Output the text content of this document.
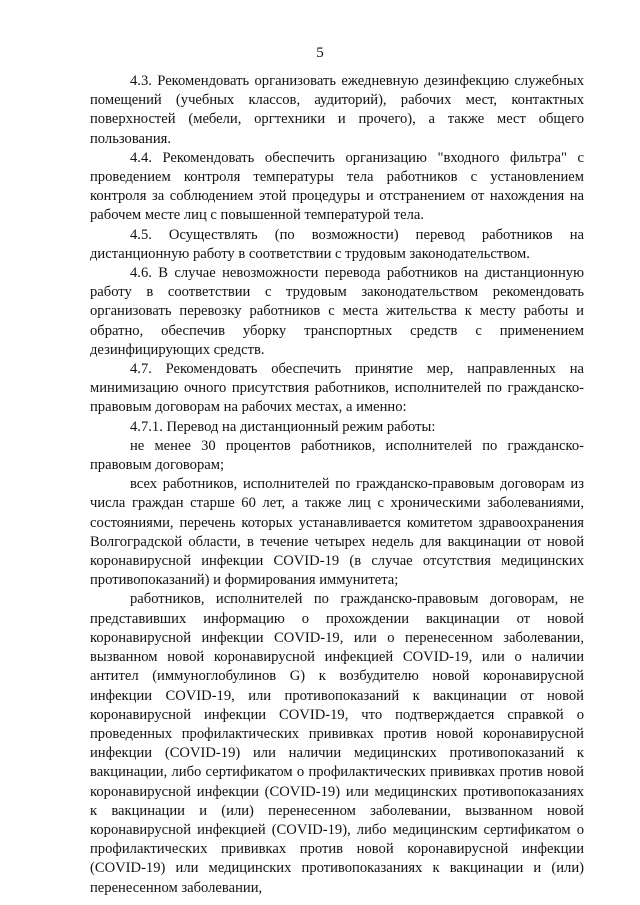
5

4.3. Рекомендовать организовать ежедневную дезинфекцию служебных помещений (учебных классов, аудиторий), рабочих мест, контактных поверхностей (мебели, оргтехники и прочего), а также мест общего пользования.

4.4. Рекомендовать обеспечить организацию "входного фильтра" с проведением контроля температуры тела работников с установлением контроля за соблюдением этой процедуры и отстранением от нахождения на рабочем месте лиц с повышенной температурой тела.

4.5. Осуществлять (по возможности) перевод работников на дистанционную работу в соответствии с трудовым законодательством.

4.6. В случае невозможности перевода работников на дистанционную работу в соответствии с трудовым законодательством рекомендовать организовать перевозку работников с места жительства к месту работы и обратно, обеспечив уборку транспортных средств с применением дезинфицирующих средств.

4.7. Рекомендовать обеспечить принятие мер, направленных на минимизацию очного присутствия работников, исполнителей по гражданско-правовым договорам на рабочих местах, а именно:

4.7.1. Перевод на дистанционный режим работы:

не менее 30 процентов работников, исполнителей по гражданско-правовым договорам;

всех работников, исполнителей по гражданско-правовым договорам из числа граждан старше 60 лет, а также лиц с хроническими заболеваниями, состояниями, перечень которых устанавливается комитетом здравоохранения Волгоградской области, в течение четырех недель для вакцинации от новой коронавирусной инфекции COVID-19 (в случае отсутствия медицинских противопоказаний) и формирования иммунитета;

работников, исполнителей по гражданско-правовым договорам, не представивших информацию о прохождении вакцинации от новой коронавирусной инфекции COVID-19, или о перенесенном заболевании, вызванном новой коронавирусной инфекцией COVID-19, или о наличии антител (иммуноглобулинов G) к возбудителю новой коронавирусной инфекции COVID-19, или противопоказаний к вакцинации от новой коронавирусной инфекции COVID-19, что подтверждается справкой о проведенных профилактических прививках против новой коронавирусной инфекции (COVID-19) или наличии медицинских противопоказаний к вакцинации, либо сертификатом о профилактических прививках против новой коронавирусной инфекции (COVID-19) или медицинских противопоказаниях к вакцинации и (или) перенесенном заболевании, вызванном новой коронавирусной инфекцией (COVID-19), либо медицинским сертификатом о профилактических прививках против новой коронавирусной инфекции (COVID-19) или медицинских противопоказаниях к вакцинации и (или) перенесенном заболевании,
